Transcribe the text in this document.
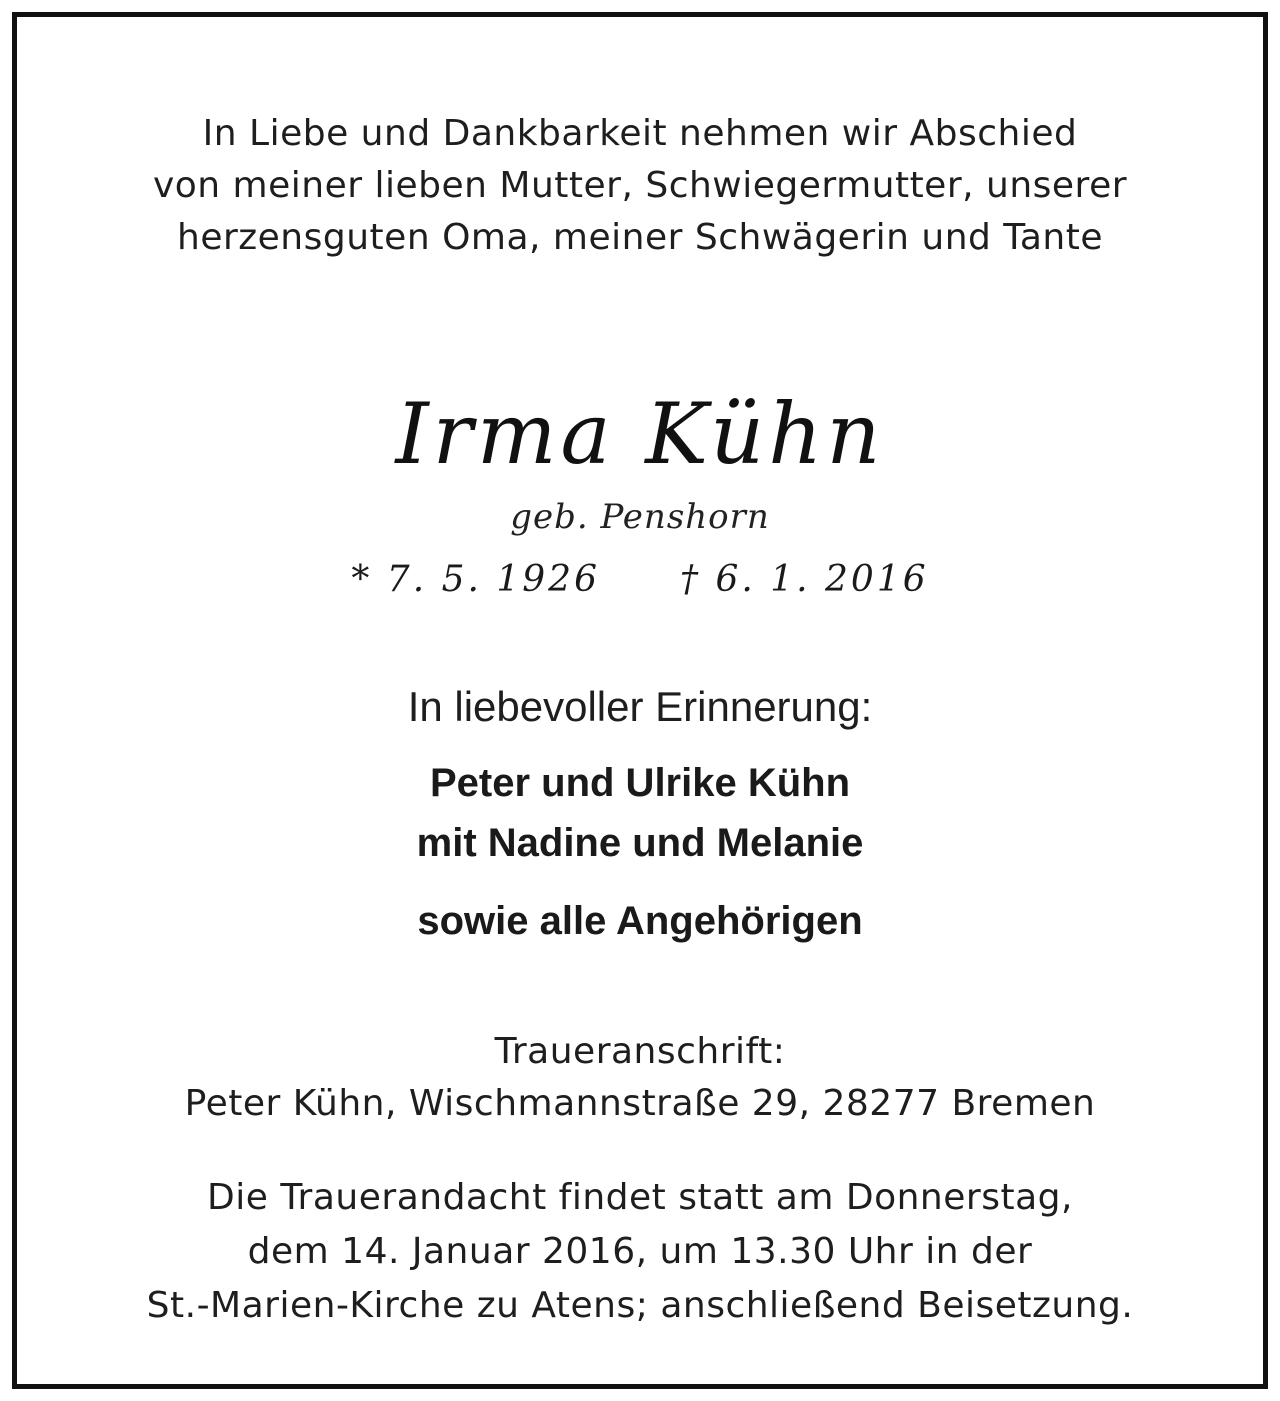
In Liebe und Dankbarkeit nehmen wir Abschied
von meiner lieben Mutter, Schwiegermutter, unserer
herzensguten Oma, meiner Schwägerin und Tante
Irma Kühn
geb. Penshorn
* 7. 5. 1926 † 6. 1. 2016
In liebevoller Erinnerung:
Peter und Ulrike Kühn
mit Nadine und Melanie
sowie alle Angehörigen
Traueranschrift:
Peter Kühn, Wischmannstraße 29, 28277 Bremen
Die Trauerandacht findet statt am Donnerstag,
dem 14. Januar 2016, um 13.30 Uhr in der
St.-Marien-Kirche zu Atens; anschließend Beisetzung.
